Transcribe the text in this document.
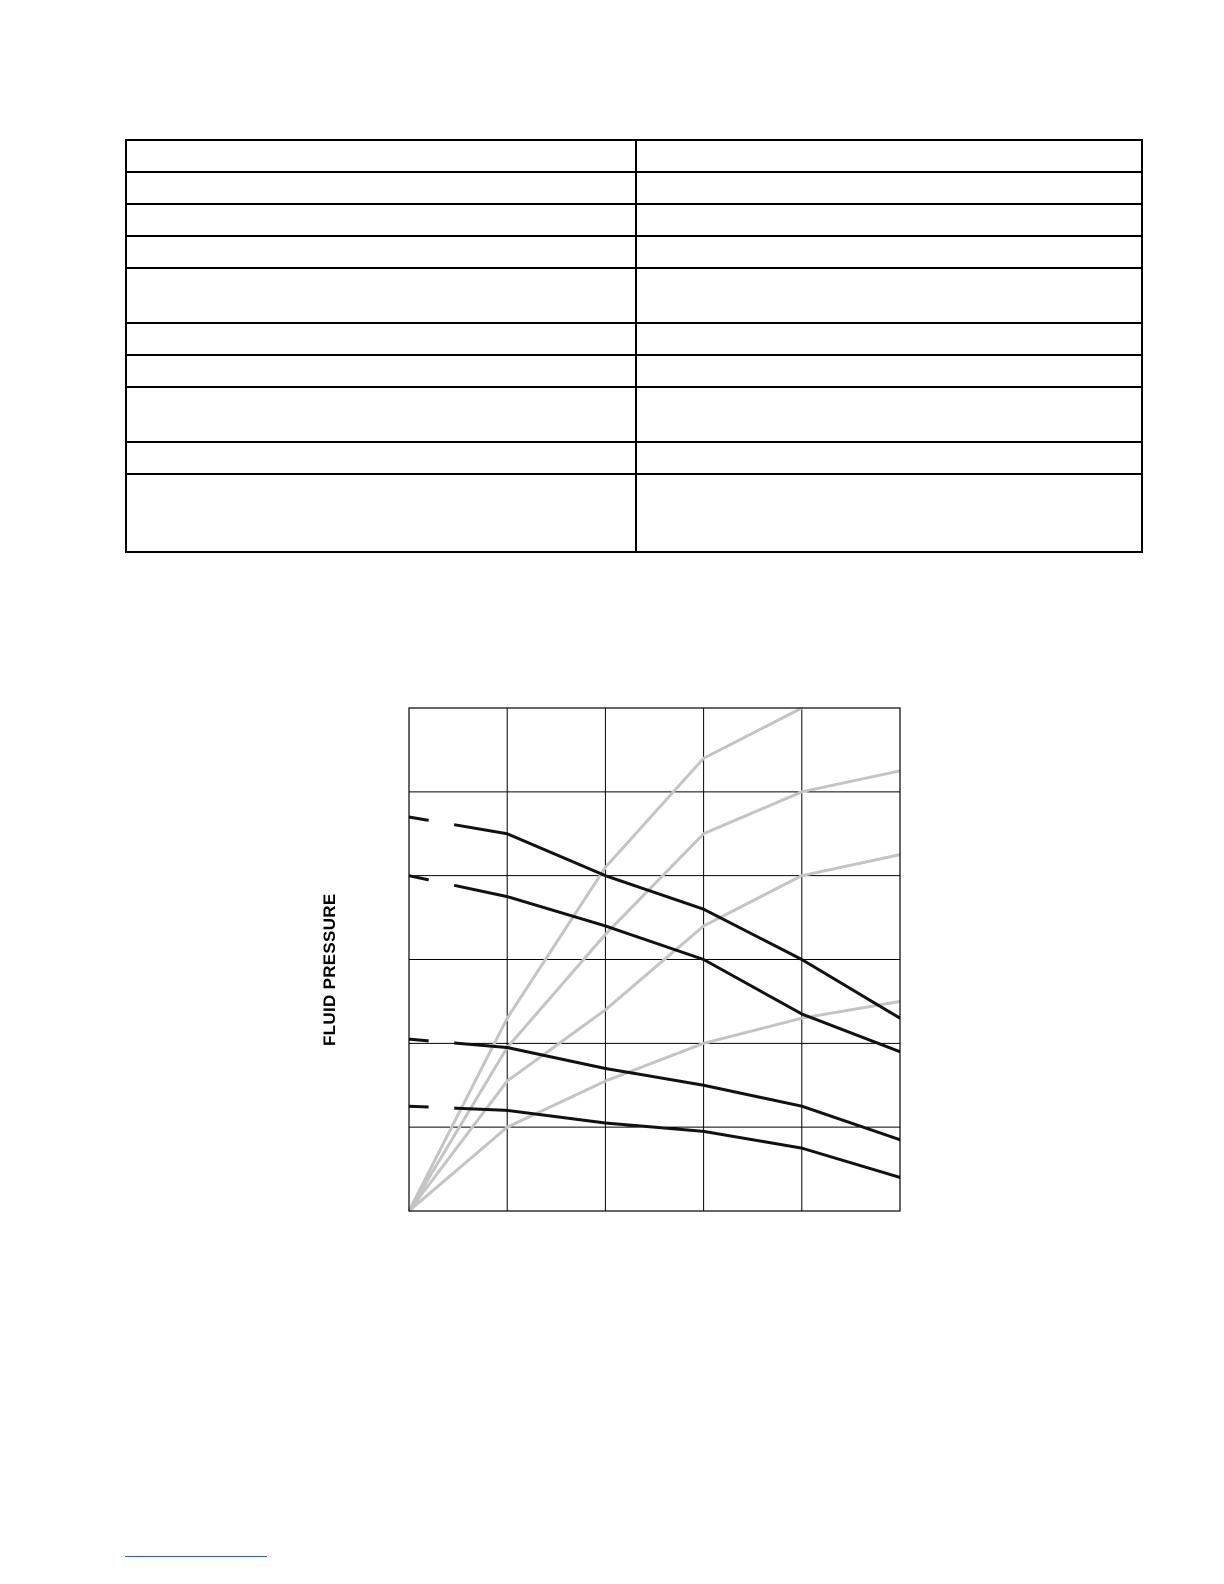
FLUID PRESSURE
